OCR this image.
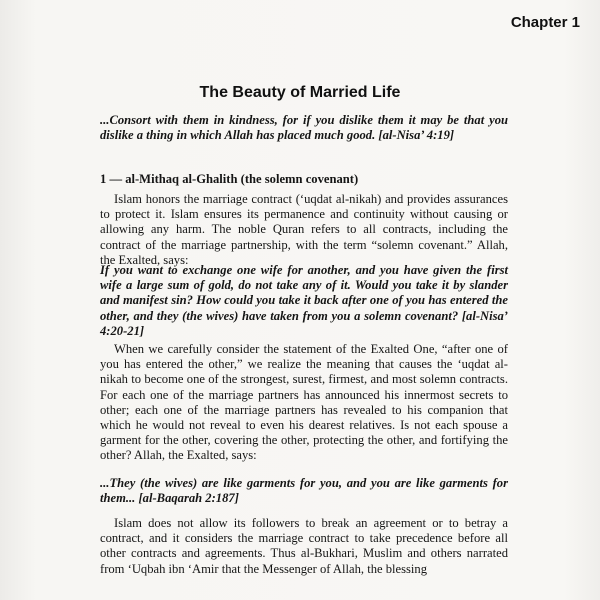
Chapter 1
The Beauty of Married Life

...Consort with them in kindness, for if you dislike them it may be that you dislike a thing in which Allah has placed much good. [al-Nisa’ 4:19]

1 — al-Mithaq al-Ghalith (the solemn covenant)

Islam honors the marriage contract (‘uqdat al-nikah) and provides assurances to protect it. Islam ensures its permanence and continuity without causing or allowing any harm. The noble Quran refers to all contracts, including the contract of the marriage partnership, with the term “solemn covenant.” Allah, the Exalted, says:

If you want to exchange one wife for another, and you have given the first wife a large sum of gold, do not take any of it. Would you take it by slander and manifest sin? How could you take it back after one of you has entered the other, and they (the wives) have taken from you a solemn covenant? [al-Nisa’ 4:20-21]

When we carefully consider the statement of the Exalted One, “after one of you has entered the other,” we realize the meaning that causes the ‘uqdat al-nikah to become one of the strongest, surest, firmest, and most solemn contracts. For each one of the marriage partners has announced his innermost secrets to other; each one of the marriage partners has revealed to his companion that which he would not reveal to even his dearest relatives. Is not each spouse a garment for the other, covering the other, protecting the other, and fortifying the other? Allah, the Exalted, says:

...They (the wives) are like garments for you, and you are like garments for them... [al-Baqarah 2:187]

Islam does not allow its followers to break an agreement or to betray a contract, and it considers the marriage contract to take precedence before all other contracts and agreements. Thus al-Bukhari, Muslim and others narrated from ‘Uqbah ibn ‘Amir that the Messenger of Allah, the blessing
